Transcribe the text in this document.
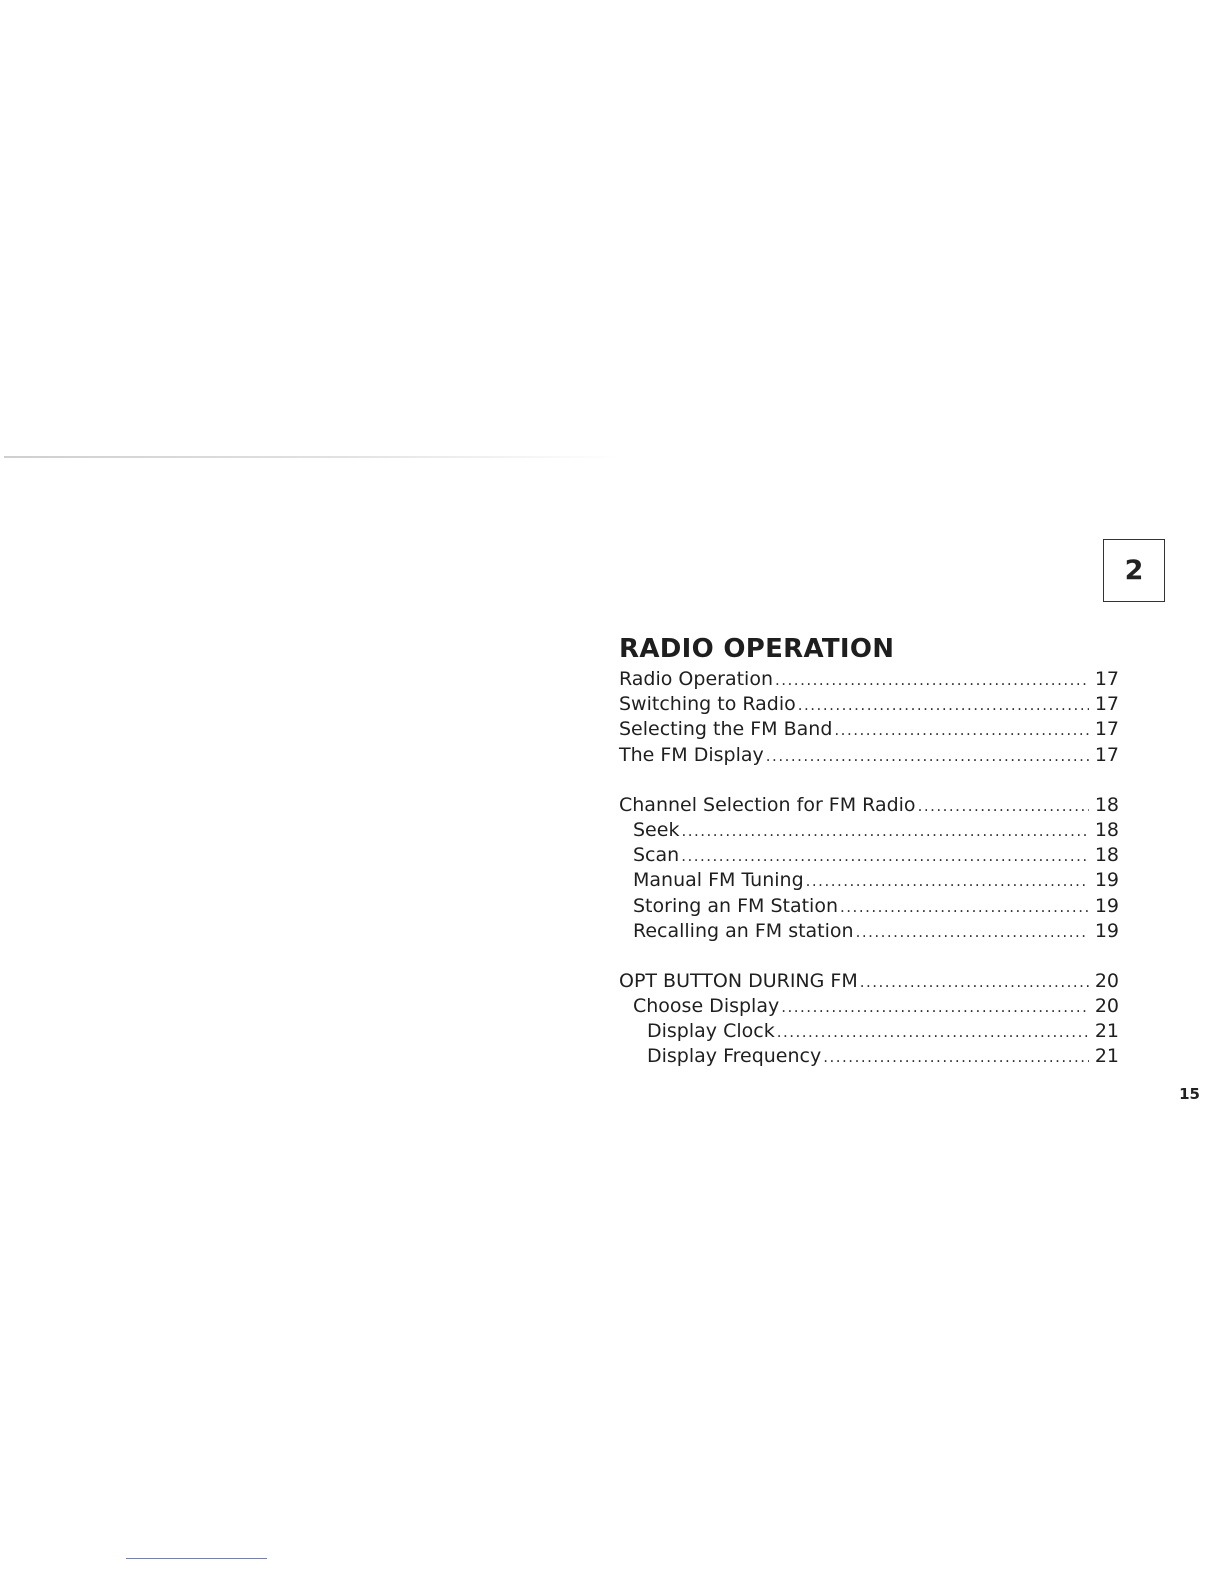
2
RADIO OPERATION
Radio Operation .....	17
Switching to Radio .....	17
Selecting the FM Band .....	17
The FM Display .....	17
Channel Selection for FM Radio .....	18
Seek .....	18
Scan .....	18
Manual FM Tuning .....	19
Storing an FM Station .....	19
Recalling an FM station .....	19
OPT BUTTON DURING FM .....	20
Choose Display .....	20
Display Clock .....	21
Display Frequency .....	21
15
